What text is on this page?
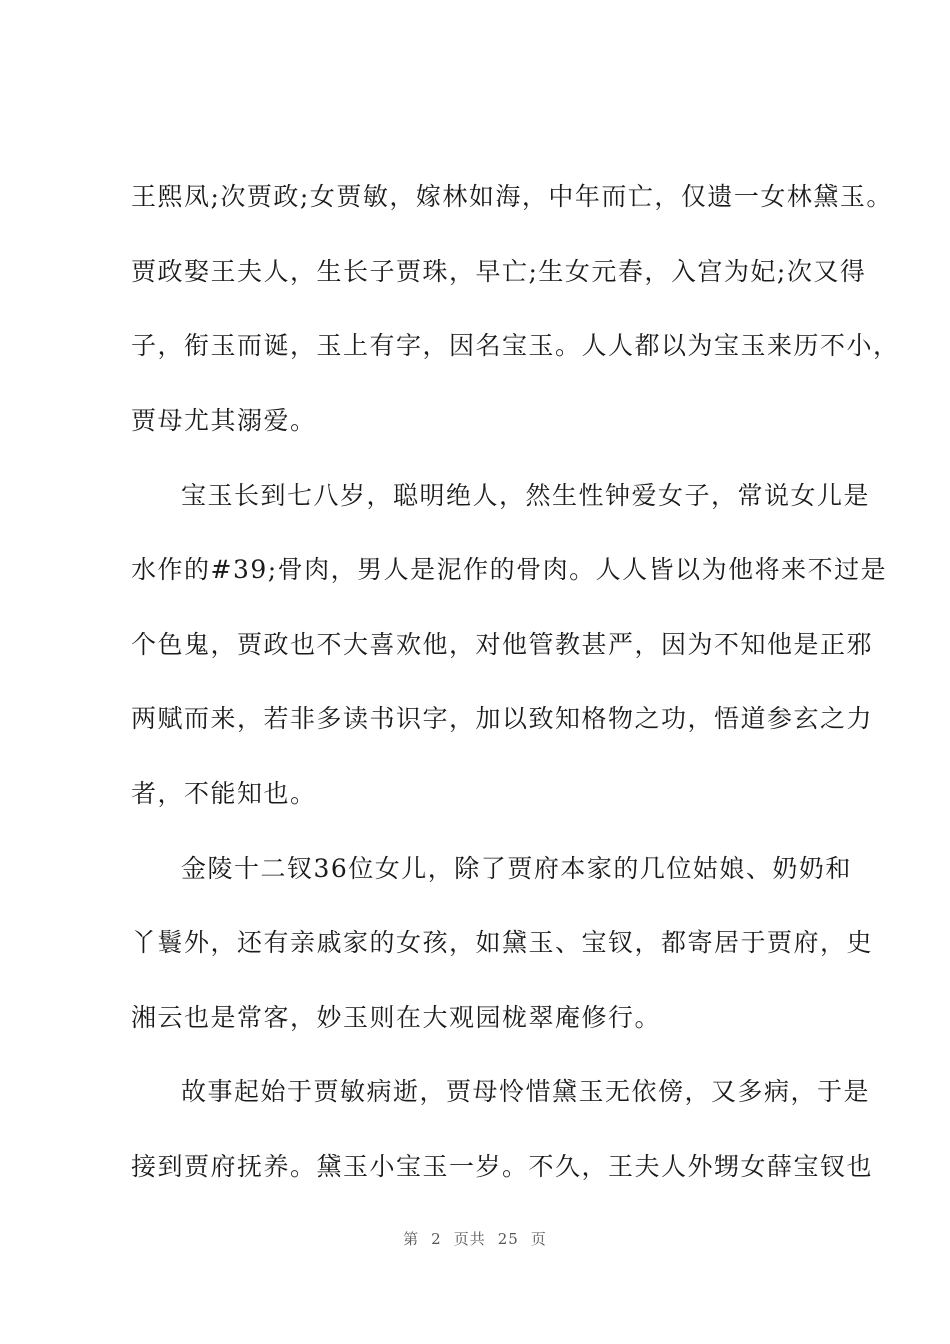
王熙凤;次贾政;女贾敏，嫁林如海，中年而亡，仅遗一女林黛玉。
贾政娶王夫人，生长子贾珠，早亡;生女元春，入宫为妃;次又得
子，衔玉而诞，玉上有字，因名宝玉。人人都以为宝玉来历不小，
贾母尤其溺爱。
宝玉长到七八岁，聪明绝人，然生性钟爱女子，常说女儿是
水作的#39;骨肉，男人是泥作的骨肉。人人皆以为他将来不过是
个色鬼，贾政也不大喜欢他，对他管教甚严，因为不知他是正邪
两赋而来，若非多读书识字，加以致知格物之功，悟道参玄之力
者，不能知也。
金陵十二钗36位女儿，除了贾府本家的几位姑娘、奶奶和
丫鬟外，还有亲戚家的女孩，如黛玉、宝钗，都寄居于贾府，史
湘云也是常客，妙玉则在大观园栊翠庵修行。
故事起始于贾敏病逝，贾母怜惜黛玉无依傍，又多病，于是
接到贾府抚养。黛玉小宝玉一岁。不久，王夫人外甥女薛宝钗也
第 2 页共 25 页
